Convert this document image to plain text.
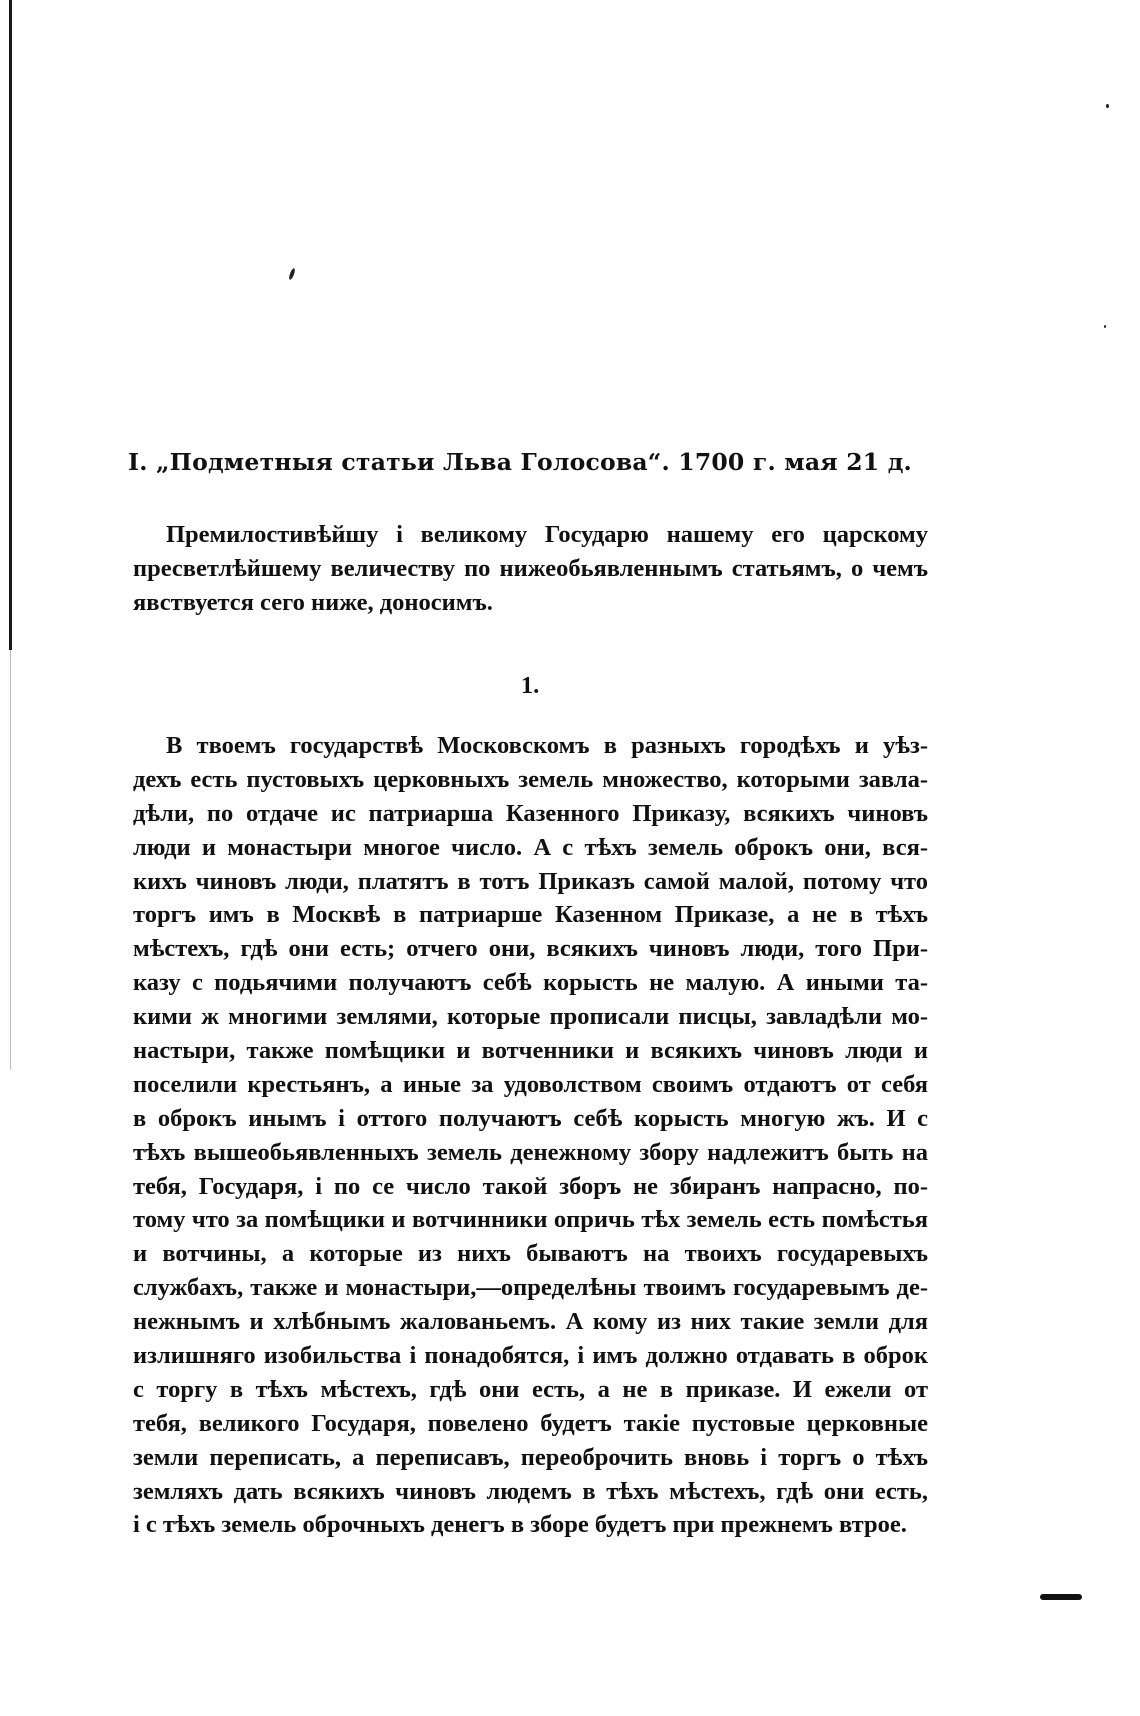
I. „Подметныя статьи Льва Голосова“. 1700 г. мая 21 д.
Премилостивѣйшу і великому Государю нашему его царскому
пресветлѣйшему величеству по нижеобьявленнымъ статьямъ, о чемъ
явствуется сего ниже, доносимъ.
1.
В твоемъ государствѣ Московскомъ в разныхъ городѣхъ и уѣз-
дехъ есть пустовыхъ церковныхъ земель множество, которыми завла-
дѣли, по отдаче ис патриарша Казенного Приказу, всякихъ чиновъ
люди и монастыри многое число. А с тѣхъ земель оброкъ они, вся-
кихъ чиновъ люди, платятъ в тотъ Приказъ самой малой, потому что
торгъ имъ в Москвѣ в патриарше Казенном Приказе, а не в тѣхъ
мѣстехъ, гдѣ они есть; отчего они, всякихъ чиновъ люди, того При-
казу с подьячими получаютъ себѣ корысть не малую. А иными та-
кими ж многими землями, которые прописали писцы, завладѣли мо-
настыри, также помѣщики и вотченники и всякихъ чиновъ люди и
поселили крестьянъ, а иные за удоволством своимъ отдаютъ от себя
в оброкъ инымъ і оттого получаютъ себѣ корысть многую жъ. И с
тѣхъ вышеобьявленныхъ земель денежному збору надлежитъ быть на
тебя, Государя, і по се число такой зборъ не збиранъ напрасно, по-
тому что за помѣщики и вотчинники опричь тѣх земель есть помѣстья
и вотчины, а которые из нихъ бываютъ на твоихъ государевыхъ
службахъ, также и монастыри,—определѣны твоимъ государевымъ де-
нежнымъ и хлѣбнымъ жалованьемъ. А кому из них такие земли для
излишняго изобильства і понадобятся, і имъ должно отдавать в оброк
с торгу в тѣхъ мѣстехъ, гдѣ они есть, а не в приказе. И ежели от
тебя, великого Государя, повелено будетъ такіе пустовые церковные
земли переписать, а переписавъ, переоброчить вновь і торгъ о тѣхъ
земляхъ дать всякихъ чиновъ людемъ в тѣхъ мѣстехъ, гдѣ они есть,
і с тѣхъ земель оброчныхъ денегъ в зборе будетъ при прежнемъ втрое.
